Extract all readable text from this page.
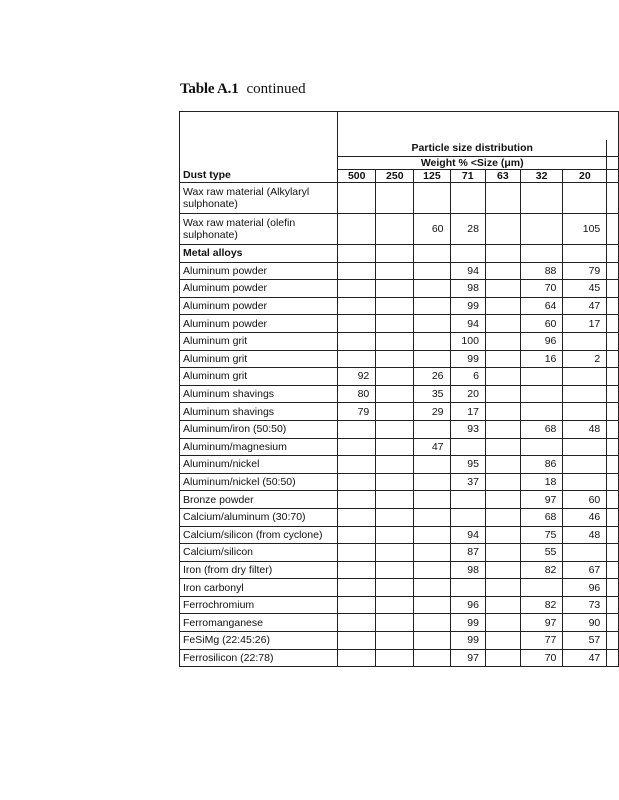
Table A.1 continued

	Particle size distribution							
	Weight % <Size (μm)							
Dust type	500	250	125	71	63	32	20	
Wax raw material (Alkylaryl sulphonate)								
Wax raw material (olefin sulphonate)			60	28			105	
Metal alloys								
Aluminum powder				94		88	79	
Aluminum powder				98		70	45	
Aluminum powder				99		64	47	
Aluminum powder				94		60	17	
Aluminum grit				100		96		
Aluminum grit				99		16	2	
Aluminum grit	92		26	6				
Aluminum shavings	80		35	20				
Aluminum shavings	79		29	17				
Aluminum/iron (50:50)				93		68	48	
Aluminum/magnesium			47					
Aluminum/nickel				95		86		
Aluminum/nickel (50:50)				37		18		
Bronze powder						97	60	
Calcium/aluminum (30:70)						68	46	
Calcium/silicon (from cyclone)				94		75	48	
Calcium/silicon				87		55		
Iron (from dry filter)				98		82	67	
Iron carbonyl							96	
Ferrochromium				96		82	73	
Ferromanganese				99		97	90	
FeSiMg (22:45:26)				99		77	57	
Ferrosilicon (22:78)				97		70	47	
